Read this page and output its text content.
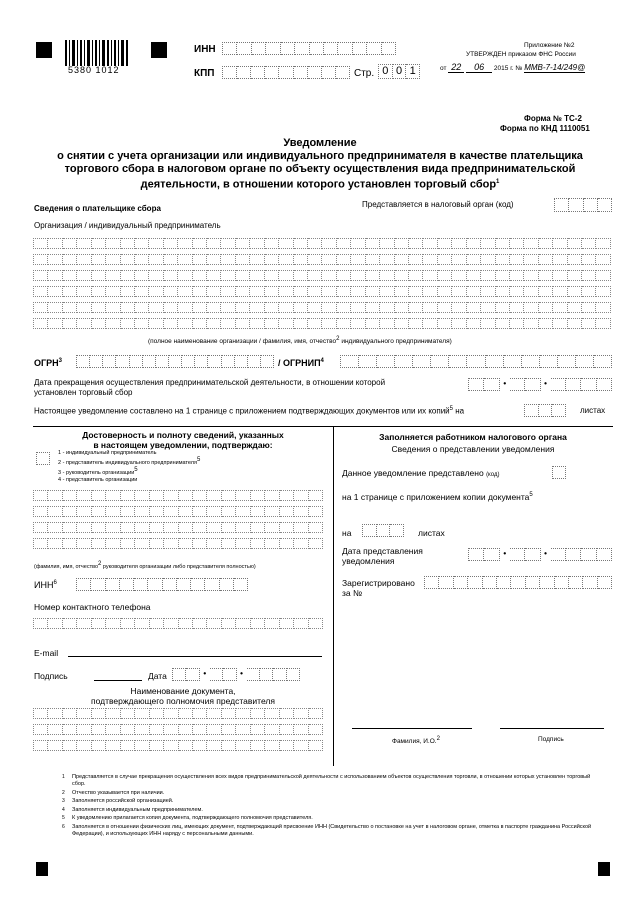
5380 1012
ИНН
КПП	Стр. 0 0 1
Приложение №2
УТВЕРЖДЕН приказом ФНС России
от 22 06 2015 г. № ММВ-7-14/249@
Форма № ТС-2
Форма по КНД 1110051
Уведомление
о снятии с учета организации или индивидуального предпринимателя в качестве плательщика
торгового сбора в налоговом органе по объекту осуществления вида предпринимательской
деятельности, в отношении которого установлен торговый сбор$^1$
Сведения о плательщике сбора	Представляется в налоговый орган (код)
Организация / индивидуальный предприниматель
(полное наименование организации / фамилия, имя, отчество2 индивидуального предпринимателя)
ОГРН$^3$	/ ОГРНИП$^4$
Дата прекращения осуществления предпринимательской деятельности, в отношении которой
установлен торговый сбор
•	•
Настоящее уведомление составлено на 1 странице с приложением подтверждающих документов или их копий$^5$ на	листах
Достоверность и полноту сведений, указанных
в настоящем уведомлении, подтверждаю:
1 - индивидуальный предприниматель
2 - представитель индивидуального предпринимателя5
3 - руководитель организации5
4 - представитель организации
(фамилия, имя, отчество2 руководителя организации либо представителя полностью)
ИНН$^6$
Номер контактного телефона
E-mail
Подпись	Дата	•	•
Наименование документа,
подтверждающего полномочия представителя
Заполняется работником налогового органа
Сведения о представлении уведомления
Данное уведомление представлено (код)
на 1 странице с приложением копии документа$^5$
на	листах
Дата представления
уведомления
•	•
Зарегистрировано
за №
Фамилия, И.О.2	Подпись
1	Представляется в случае прекращения осуществления всех видов предпринимательской деятельности с использованием объектов осуществления торговли, в отношении которых установлен торговый сбор.
2	Отчество указывается при наличии.
3	Заполняется российской организацией.
4	Заполняется индивидуальным предпринимателем.
5	К уведомлению прилагается копия документа, подтверждающего полномочия представителя.
6	Заполняется в отношении физических лиц, имеющих документ, подтверждающий присвоение ИНН (Свидетельство о постановке на учет в налоговом органе, отметка в паспорте гражданина Российской Федерации), и использующих ИНН наряду с персональными данными.
